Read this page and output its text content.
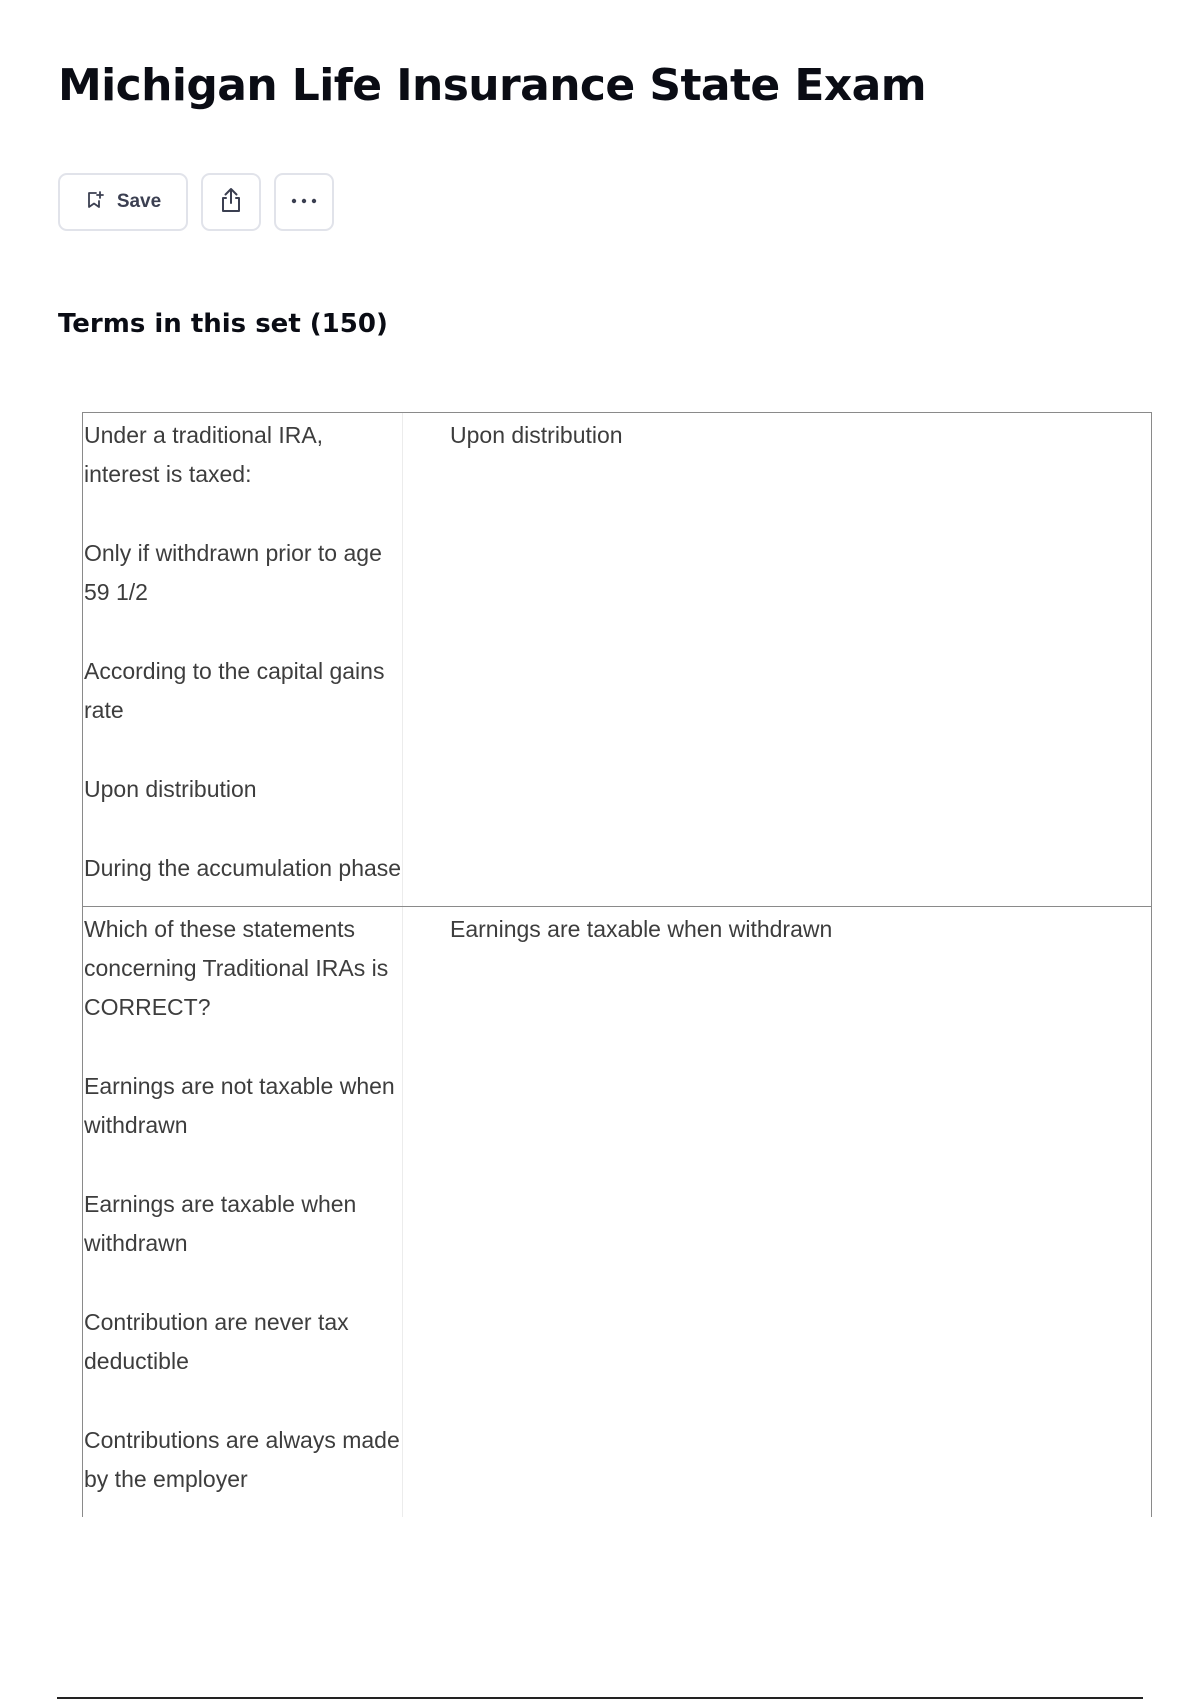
Michigan Life Insurance State Exam
Save
Terms in this set (150)

Under a traditional IRA, interest is taxed:

Only if withdrawn prior to age 59 1/2

According to the capital gains rate

Upon distribution

During the accumulation phase

Upon distribution

Which of these statements concerning Traditional IRAs is CORRECT?

Earnings are not taxable when withdrawn

Earnings are taxable when withdrawn

Contribution are never tax deductible

Contributions are always made by the employer

Earnings are taxable when withdrawn
